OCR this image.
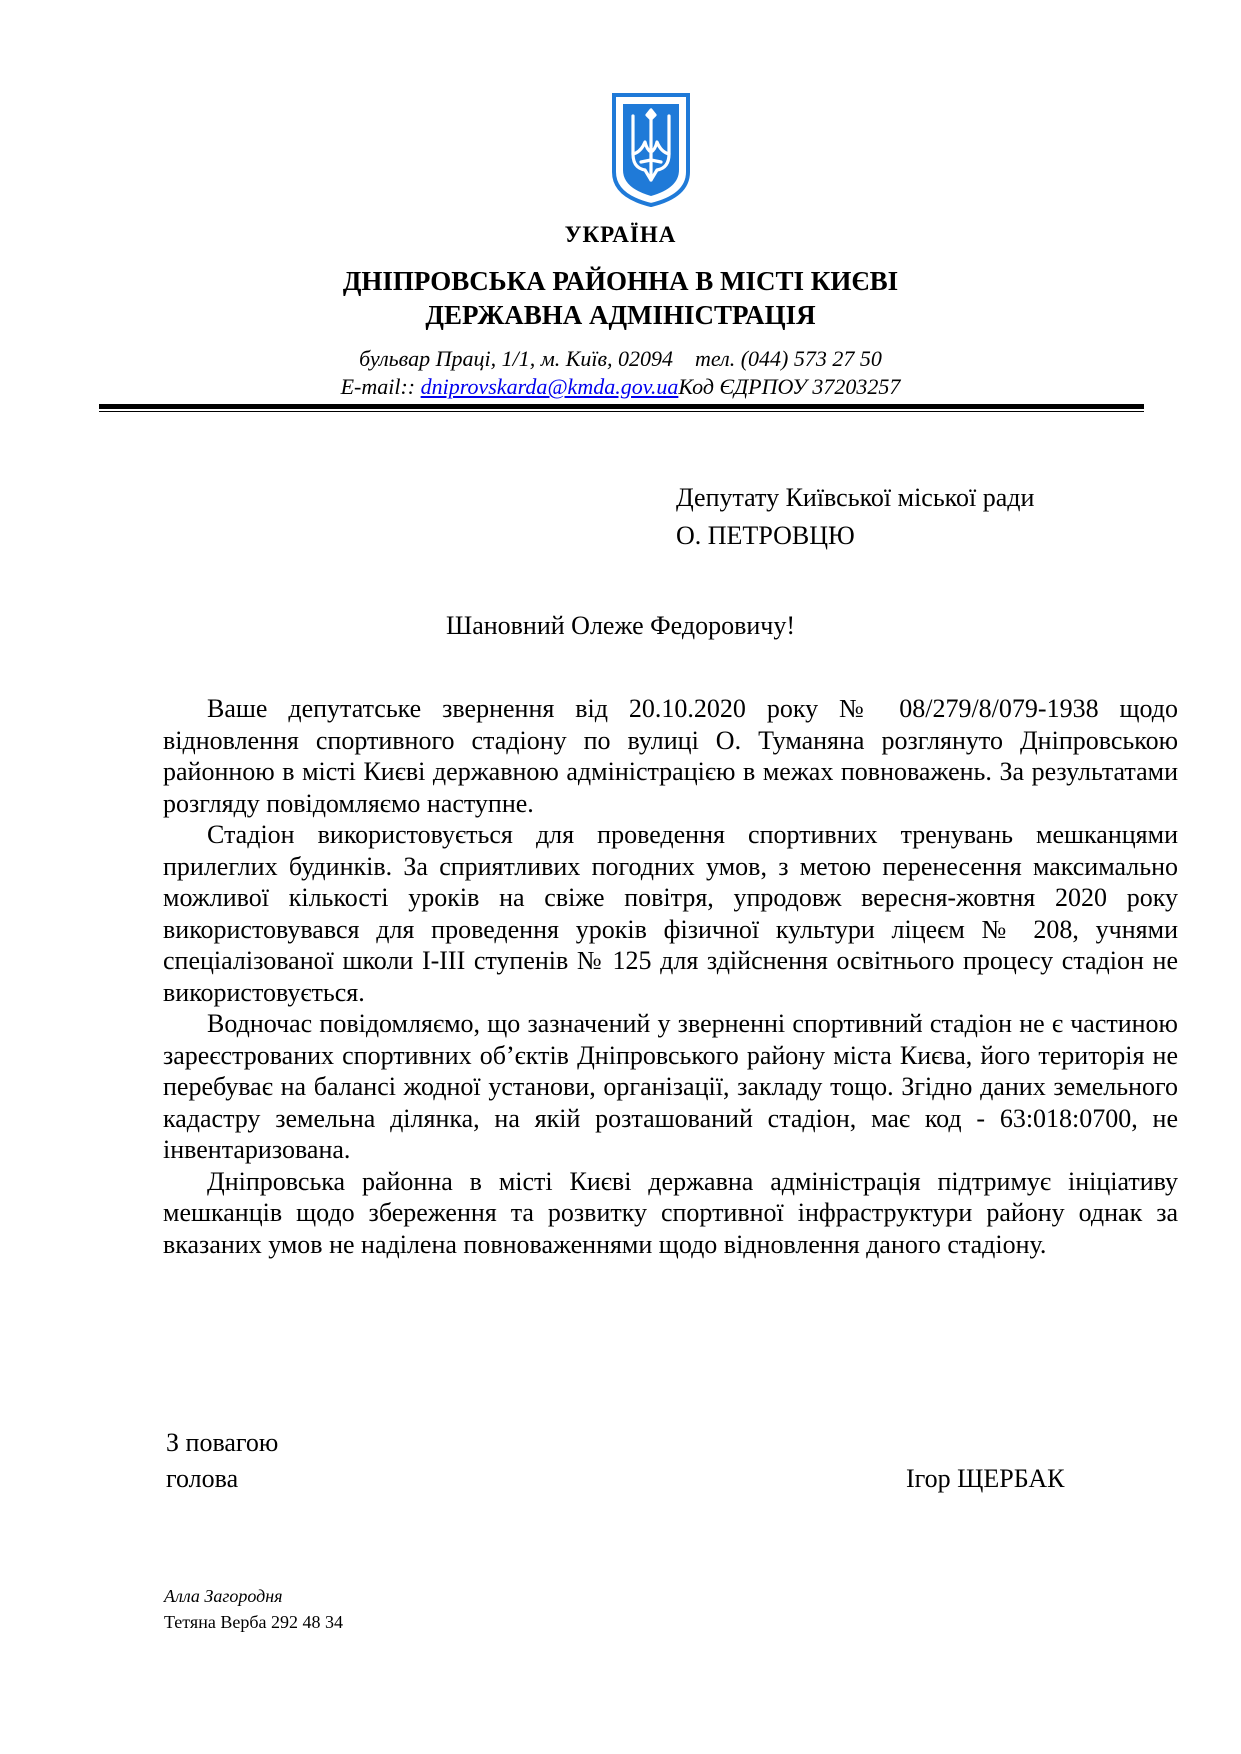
УКРАЇНА
ДНІПРОВСЬКА РАЙОННА В МІСТІ КИЄВІ
ДЕРЖАВНА АДМІНІСТРАЦІЯ
бульвар Праці, 1/1, м. Київ, 02094 тел. (044) 573 27 50
E-mail:: dniprovskarda@kmda.gov.uaКод ЄДРПОУ 37203257
Депутату Київської міської ради
О. ПЕТРОВЦЮ
Шановний Олеже Федоровичу!

Ваше депутатське звернення від 20.10.2020 року № 08/279/8/079-1938 щодо відновлення спортивного стадіону по вулиці О. Туманяна розглянуто Дніпровською районною в місті Києві державною адміністрацією в межах повноважень. За результатами розгляду повідомляємо наступне.

Стадіон використовується для проведення спортивних тренувань мешканцями прилеглих будинків. За сприятливих погодних умов, з метою перенесення максимально можливої кількості уроків на свіже повітря, упродовж вересня-жовтня 2020 року використовувався для проведення уроків фізичної культури ліцеєм № 208, учнями спеціалізованої школи І-ІІІ ступенів № 125 для здійснення освітнього процесу стадіон не використовується.

Водночас повідомляємо, що зазначений у зверненні спортивний стадіон не є частиною зареєстрованих спортивних об’єктів Дніпровського району міста Києва, його територія не перебуває на балансі жодної установи, організації, закладу тощо. Згідно даних земельного кадастру земельна ділянка, на якій розташований стадіон, має код - 63:018:0700, не інвентаризована.

Дніпровська районна в місті Києві державна адміністрація підтримує ініціативу мешканців щодо збереження та розвитку спортивної інфраструктури району однак за вказаних умов не наділена повноваженнями щодо відновлення даного стадіону.

З повагою
голова	Ігор ЩЕРБАК
Алла Загородня
Тетяна Верба 292 48 34
